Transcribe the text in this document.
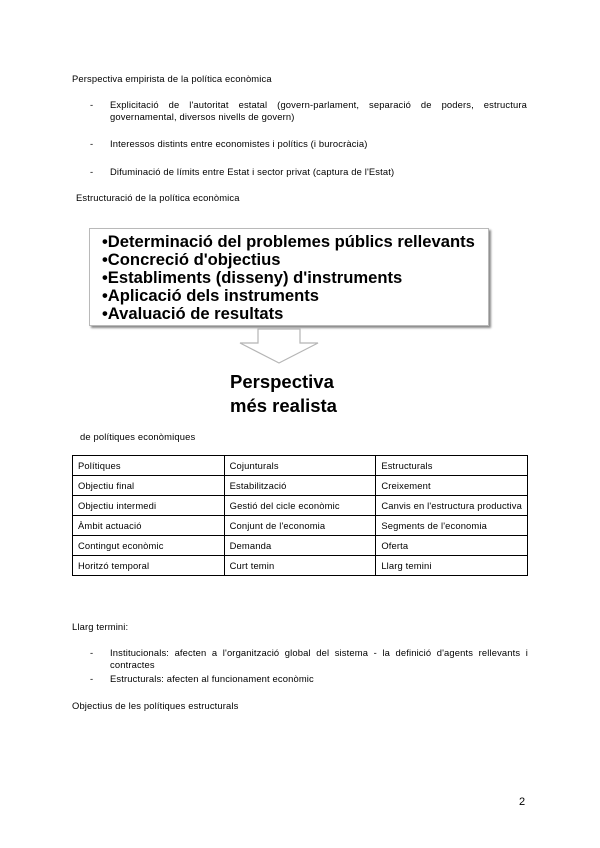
Perspectiva empirista de la política econòmica
- Explicitació de l'autoritat estatal (govern-parlament, separació de poders, estructura governamental, diversos nivells de govern)
- Interessos distints entre economistes i polítics (i burocràcia)
- Difuminació de límits entre Estat i sector privat (captura de l'Estat)
Estructuració de la política econòmica
•Determinació del problemes públics rellevants
•Concreció d'objectius
•Establiments (disseny) d'instruments
•Aplicació dels instruments
•Avaluació de resultats
Perspectiva
més realista
de polítiques econòmiques
Polítiques	Cojunturals	Estructurals
Objectiu final	Estabilització	Creixement
Objectiu intermedi	Gestió del cicle econòmic	Canvis en l'estructura productiva
Àmbit actuació	Conjunt de l'economia	Segments de l'economia
Contingut econòmic	Demanda	Oferta
Horitzó temporal	Curt temin	Llarg temini
Llarg termini:
- Institucionals: afecten a l'organització global del sistema - la definició d'agents rellevants i contractes
- Estructurals: afecten al funcionament econòmic
Objectius de les polítiques estructurals
2
